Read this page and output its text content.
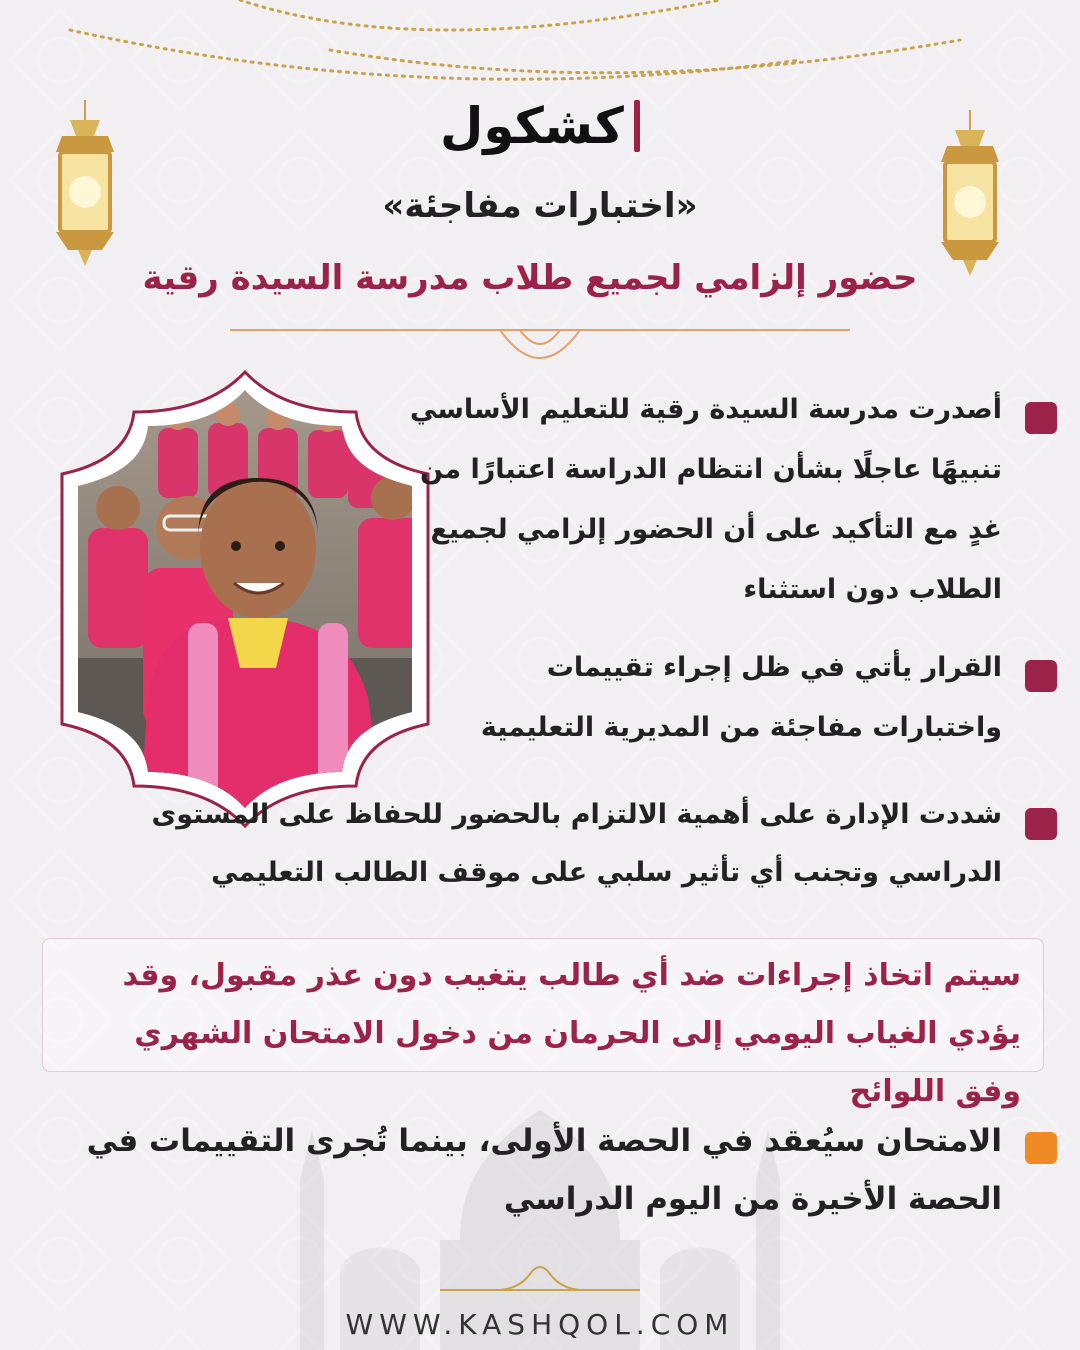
كشكول
«اختبارات مفاجئة»
حضور إلزامي لجميع طلاب مدرسة السيدة رقية
أصدرت مدرسة السيدة رقية للتعليم الأساسي تنبيهًا عاجلًا بشأن انتظام الدراسة اعتبارًا من غدٍ مع التأكيد على أن الحضور إلزامي لجميع الطلاب دون استثناء
القرار يأتي في ظل إجراء تقييمات واختبارات مفاجئة من المديرية التعليمية
شددت الإدارة على أهمية الالتزام بالحضور للحفاظ على المستوى الدراسي وتجنب أي تأثير سلبي على موقف الطالب التعليمي
سيتم اتخاذ إجراءات ضد أي طالب يتغيب دون عذر مقبول، وقد يؤدي الغياب اليومي إلى الحرمان من دخول الامتحان الشهري وفق اللوائح
الامتحان سيُعقد في الحصة الأولى، بينما تُجرى التقييمات في الحصة الأخيرة من اليوم الدراسي
WWW.KASHQOL.COM
